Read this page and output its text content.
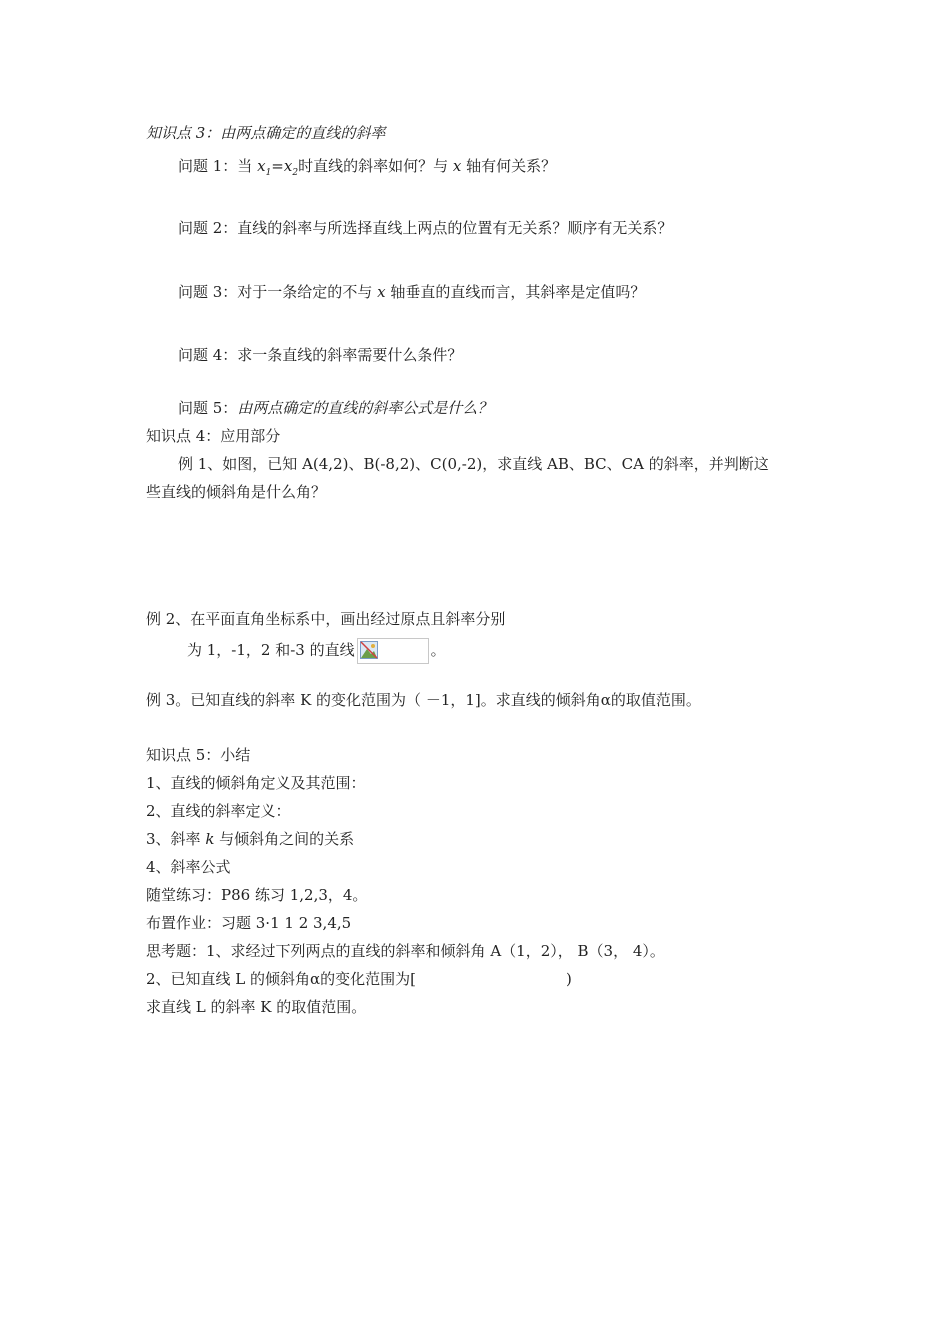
知识点 3：由两点确定的直线的斜率
问题 1：当 $x_1=x_2$时直线的斜率如何？与 x 轴有何关系？
问题 2：直线的斜率与所选择直线上两点的位置有无关系？顺序有无关系？
问题 3：对于一条给定的不与 x 轴垂直的直线而言，其斜率是定值吗？
问题 4：求一条直线的斜率需要什么条件？
问题 5：由两点确定的直线的斜率公式是什么？
知识点 4：应用部分
例 1、如图，已知 A(4,2)、B(-8,2)、C(0,-2)，求直线 AB、BC、CA 的斜率，并判断这
些直线的倾斜角是什么角？
例 2、在平面直角坐标系中，画出经过原点且斜率分别
为 1，-1，2 和-3 的直线	。
例 3。已知直线的斜率 K 的变化范围为（ －1，1]。求直线的倾斜角α的取值范围。
知识点 5：小结
1、直线的倾斜角定义及其范围：
2、直线的斜率定义：
3、斜率 k 与倾斜角之间的关系
4、斜率公式
随堂练习：P86 练习 1,2,3，4。
布置作业：习题 3·1 1 2 3,4,5
思考题：1、求经过下列两点的直线的斜率和倾斜角 A（1，2）， B（3， 4）。
2、已知直线 L 的倾斜角α的变化范围为[	)
求直线 L 的斜率 K 的取值范围。
